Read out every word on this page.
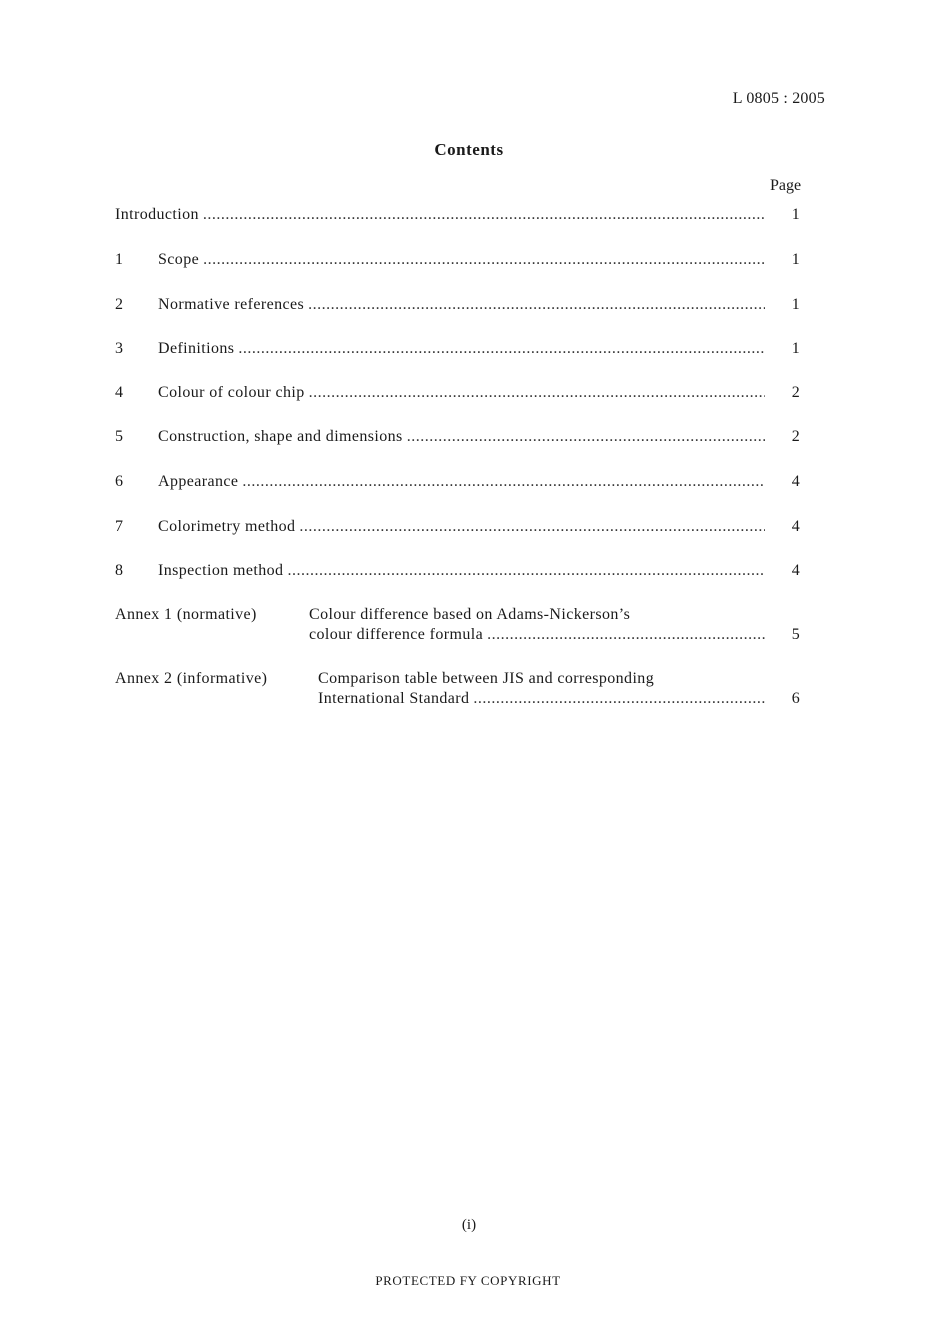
L 0805 : 2005
Contents
Page
Introduction .....	1
1 Scope .....	1
2 Normative references .....	1
3 Definitions .....	1
4 Colour of colour chip .....	2
5 Construction, shape and dimensions .....	2
6 Appearance .....	4
7 Colorimetry method .....	4
8 Inspection method .....	4
Annex 1 (normative)	Colour difference based on Adams-Nickerson’s
colour difference formula .....	5
Annex 2 (informative)	Comparison table between JIS and corresponding
International Standard .....	6
(i)
PROTECTED FY COPYRIGHT
